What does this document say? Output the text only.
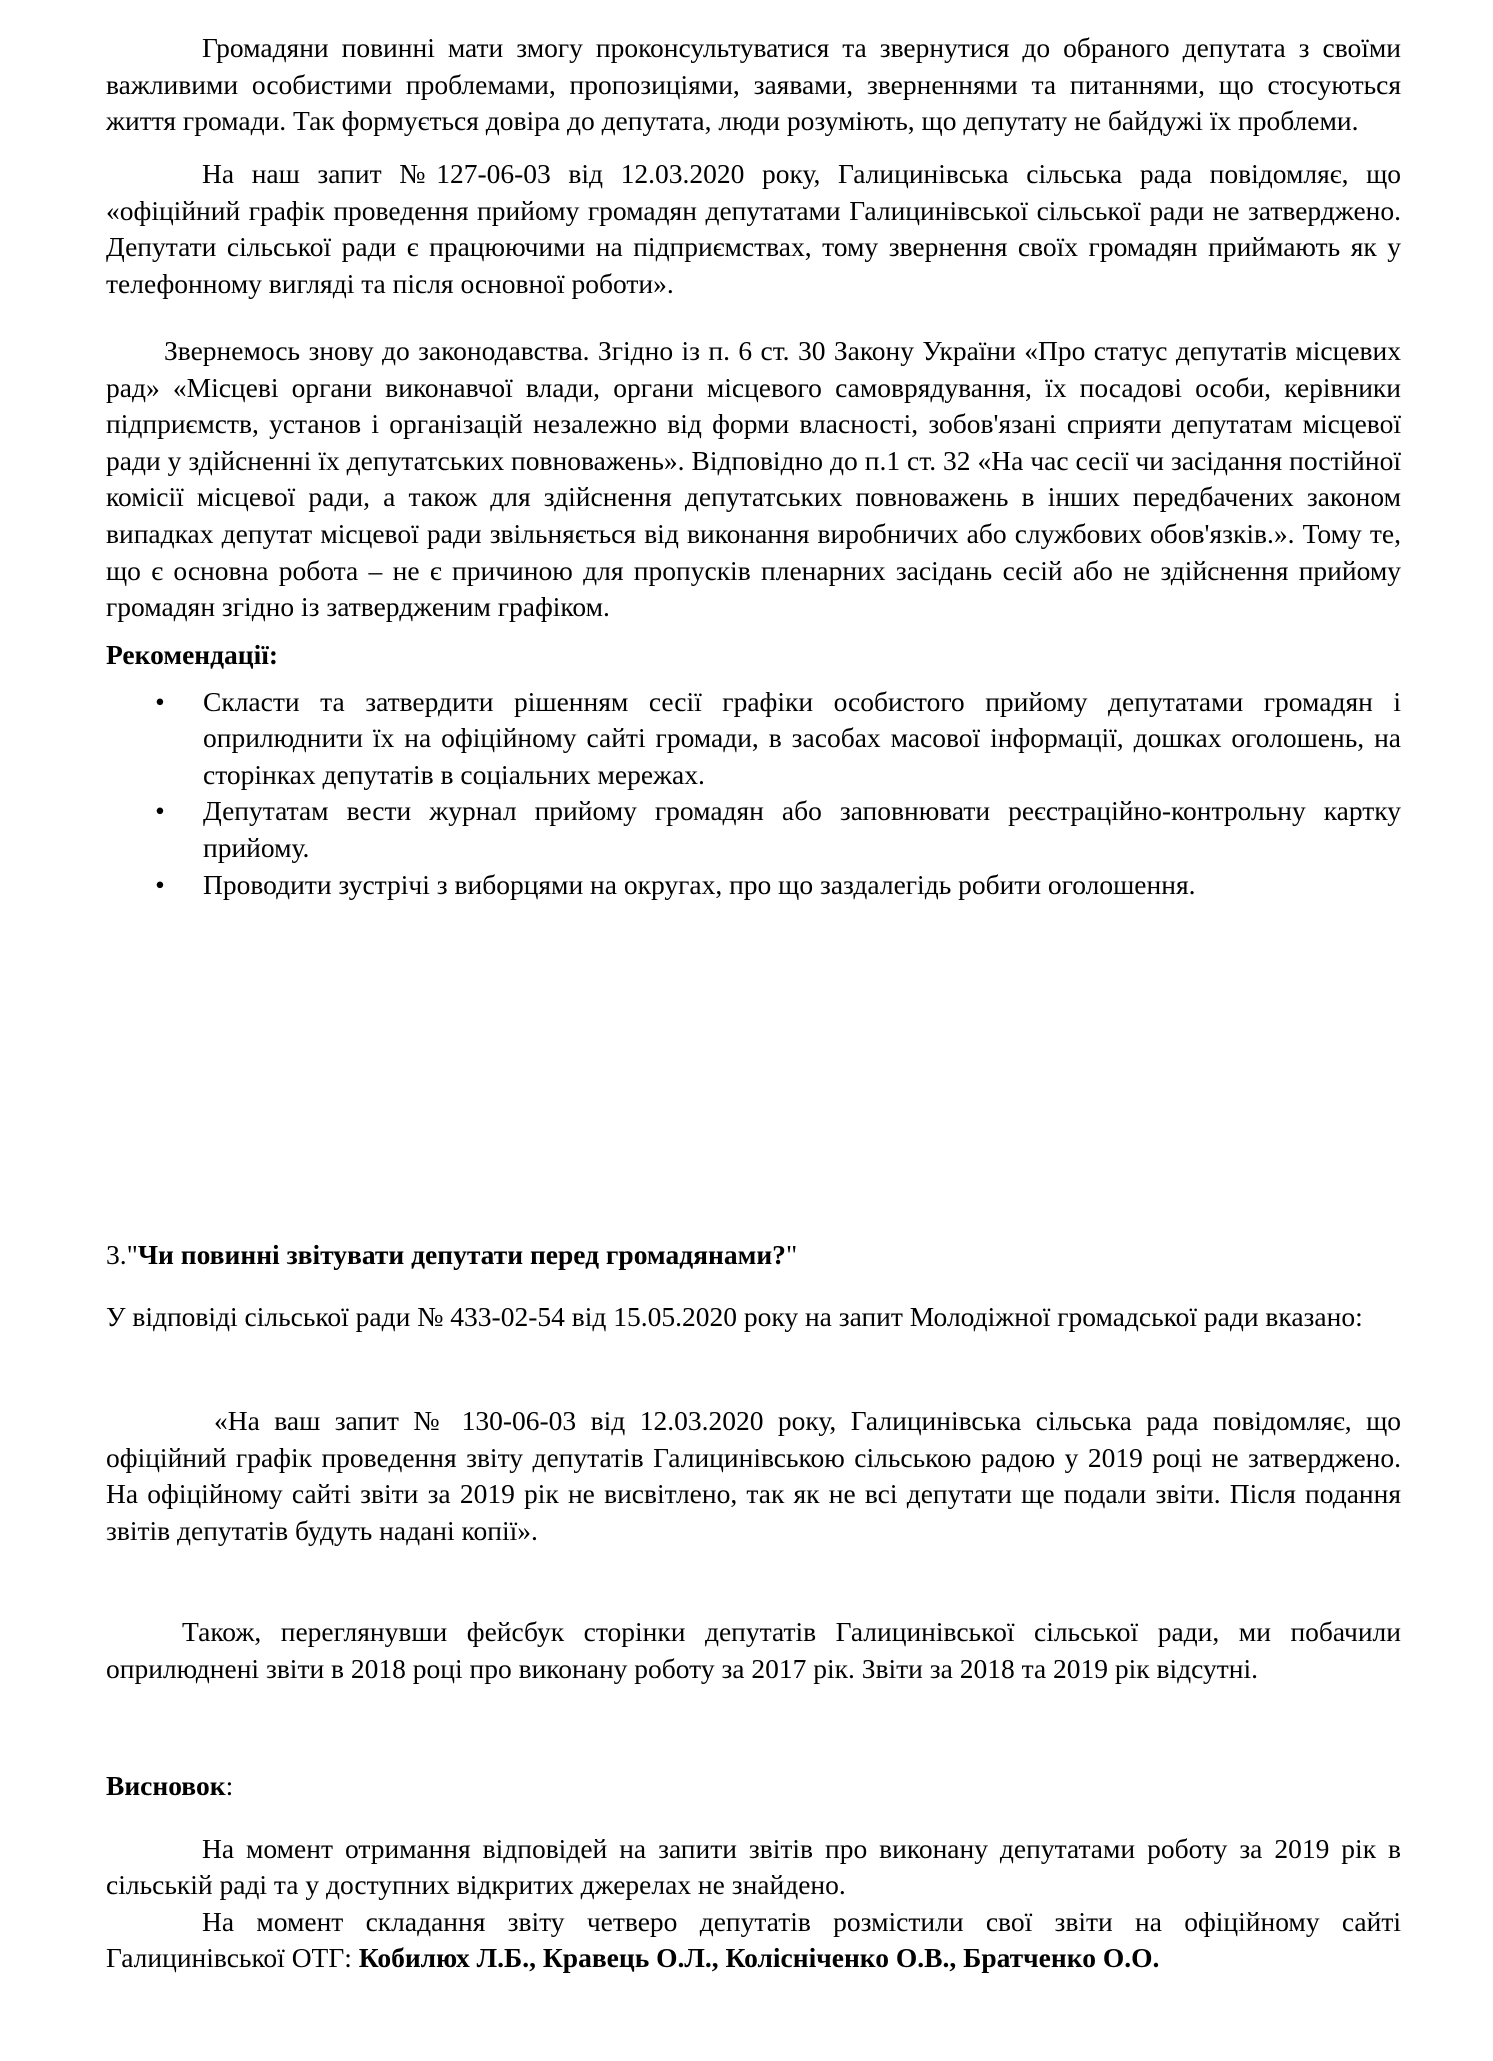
Громадяни повинні мати змогу проконсультуватися та звернутися до обраного депутата з своїми важливими особистими проблемами, пропозиціями, заявами, зверненнями та питаннями, що стосуються життя громади. Так формується довіра до депутата, люди розуміють, що депутату не байдужі їх проблеми.

На наш запит №127-06-03 від 12.03.2020 року, Галицинівська сільська рада повідомляє, що «офіційний графік проведення прийому громадян депутатами Галицинівської сільської ради не затверджено. Депутати сільської ради є працюючими на підприємствах, тому звернення своїх громадян приймають як у телефонному вигляді та після основної роботи».

Звернемось знову до законодавства. Згідно із п. 6 ст. 30 Закону України «Про статус депутатів місцевих рад» «Місцеві органи виконавчої влади, органи місцевого самоврядування, їх посадові особи, керівники підприємств, установ і організацій незалежно від форми власності, зобов'язані сприяти депутатам місцевої ради у здійсненні їх депутатських повноважень». Відповідно до п.1 ст. 32 «На час сесії чи засідання постійної комісії місцевої ради, а також для здійснення депутатських повноважень в інших передбачених законом випадках депутат місцевої ради звільняється від виконання виробничих або службових обов'язків.». Тому те, що є основна робота – не є причиною для пропусків пленарних засідань сесій або не здійснення прийому громадян згідно із затвердженим графіком.

Рекомендації:

• Скласти та затвердити рішенням сесії графіки особистого прийому депутатами громадян і оприлюднити їх на офіційному сайті громади, в засобах масової інформації, дошках оголошень, на сторінках депутатів в соціальних мережах.
• Депутатам вести журнал прийому громадян або заповнювати реєстраційно-контрольну картку прийому.
• Проводити зустрічі з виборцями на округах, про що заздалегідь робити оголошення.

3."Чи повинні звітувати депутати перед громадянами?"

У відповіді сільської ради № 433-02-54 від 15.05.2020 року на запит Молодіжної громадської ради вказано:

«На ваш запит № 130-06-03 від 12.03.2020 року, Галицинівська сільська рада повідомляє, що офіційний графік проведення звіту депутатів Галицинівською сільською радою у 2019 році не затверджено. На офіційному сайті звіти за 2019 рік не висвітлено, так як не всі депутати ще подали звіти. Після подання звітів депутатів будуть надані копії».

Також, переглянувши фейсбук сторінки депутатів Галицинівської сільської ради, ми побачили оприлюднені звіти в 2018 році про виконану роботу за 2017 рік. Звіти за 2018 та 2019 рік відсутні.

Висновок:

На момент отримання відповідей на запити звітів про виконану депутатами роботу за 2019 рік в сільській раді та у доступних відкритих джерелах не знайдено.

На момент складання звіту четверо депутатів розмістили свої звіти на офіційному сайті Галицинівської ОТГ: Кобилюх Л.Б., Кравець О.Л., Колісніченко О.В., Братченко О.О.
